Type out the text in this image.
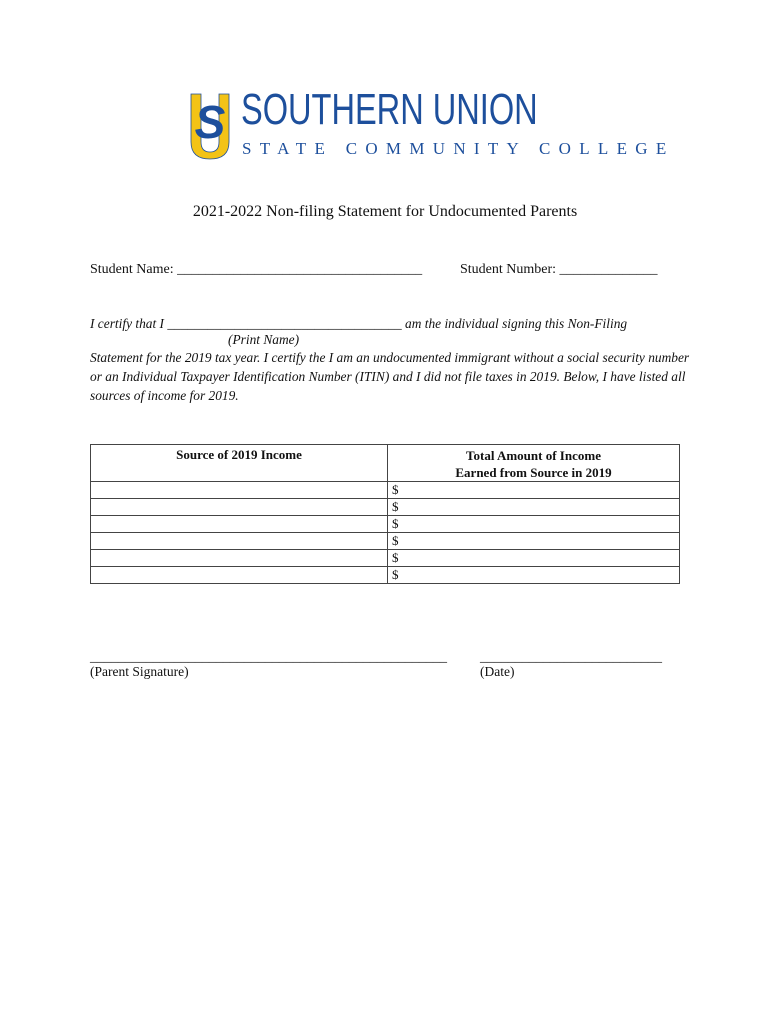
S SOUTHERN UNION
STATE COMMUNITY COLLEGE
2021-2022 Non-filing Statement for Undocumented Parents
Student Name: ___________________________________	Student Number: ______________
I certify that I ___________________________________ am the individual signing this Non-Filing
(Print Name)
Statement for the 2019 tax year. I certify the I am an undocumented immigrant without a social security number or an Individual Taxpayer Identification Number (ITIN) and I did not file taxes in 2019. Below, I have listed all sources of income for 2019.
Source of 2019 Income	Total Amount of Income
Earned from Source in 2019
	$
	$
	$
	$
	$
	$
___________________________________________________
(Parent Signature)
__________________________
(Date)
